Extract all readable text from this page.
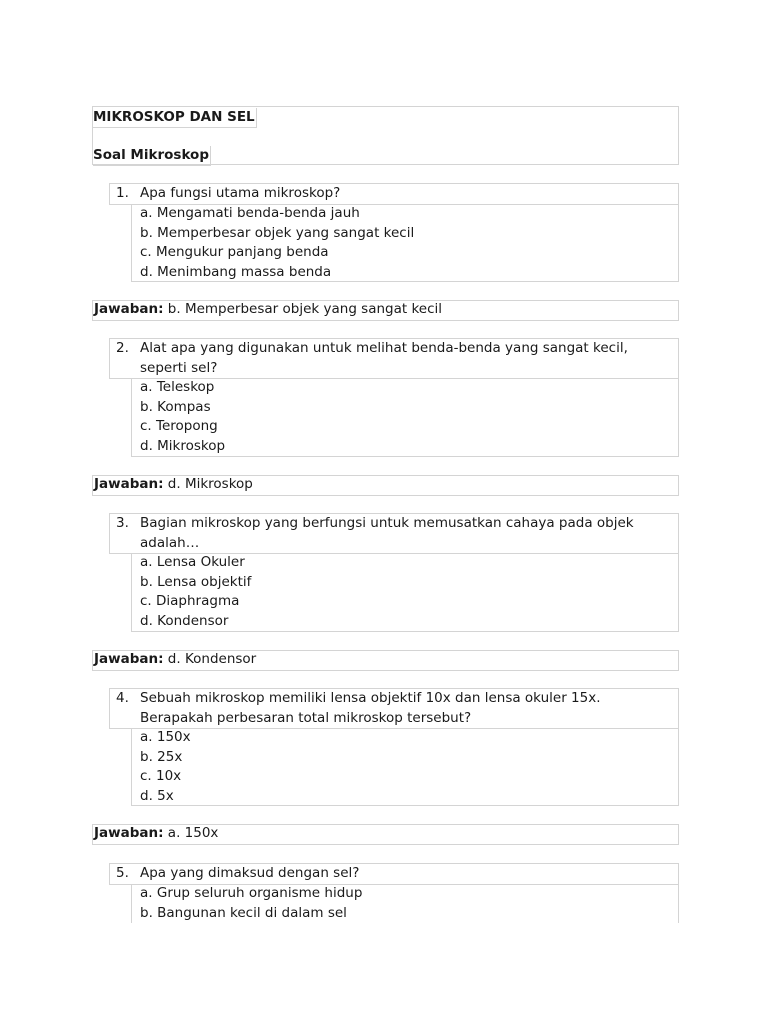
MIKROSKOP DAN SEL
Soal Mikroskop
1. Apa fungsi utama mikroskop?
a. Mengamati benda-benda jauh
b. Memperbesar objek yang sangat kecil
c. Mengukur panjang benda
d. Menimbang massa benda
Jawaban: b. Memperbesar objek yang sangat kecil
2. Alat apa yang digunakan untuk melihat benda-benda yang sangat kecil, seperti sel?
a. Teleskop
b. Kompas
c. Teropong
d. Mikroskop
Jawaban: d. Mikroskop
3. Bagian mikroskop yang berfungsi untuk memusatkan cahaya pada objek adalah…
a. Lensa Okuler
b. Lensa objektif
c. Diaphragma
d. Kondensor
Jawaban: d. Kondensor
4. Sebuah mikroskop memiliki lensa objektif 10x dan lensa okuler 15x. Berapakah perbesaran total mikroskop tersebut?
a. 150x
b. 25x
c. 10x
d. 5x
Jawaban: a. 150x
5. Apa yang dimaksud dengan sel?
a. Grup seluruh organisme hidup
b. Bangunan kecil di dalam sel
